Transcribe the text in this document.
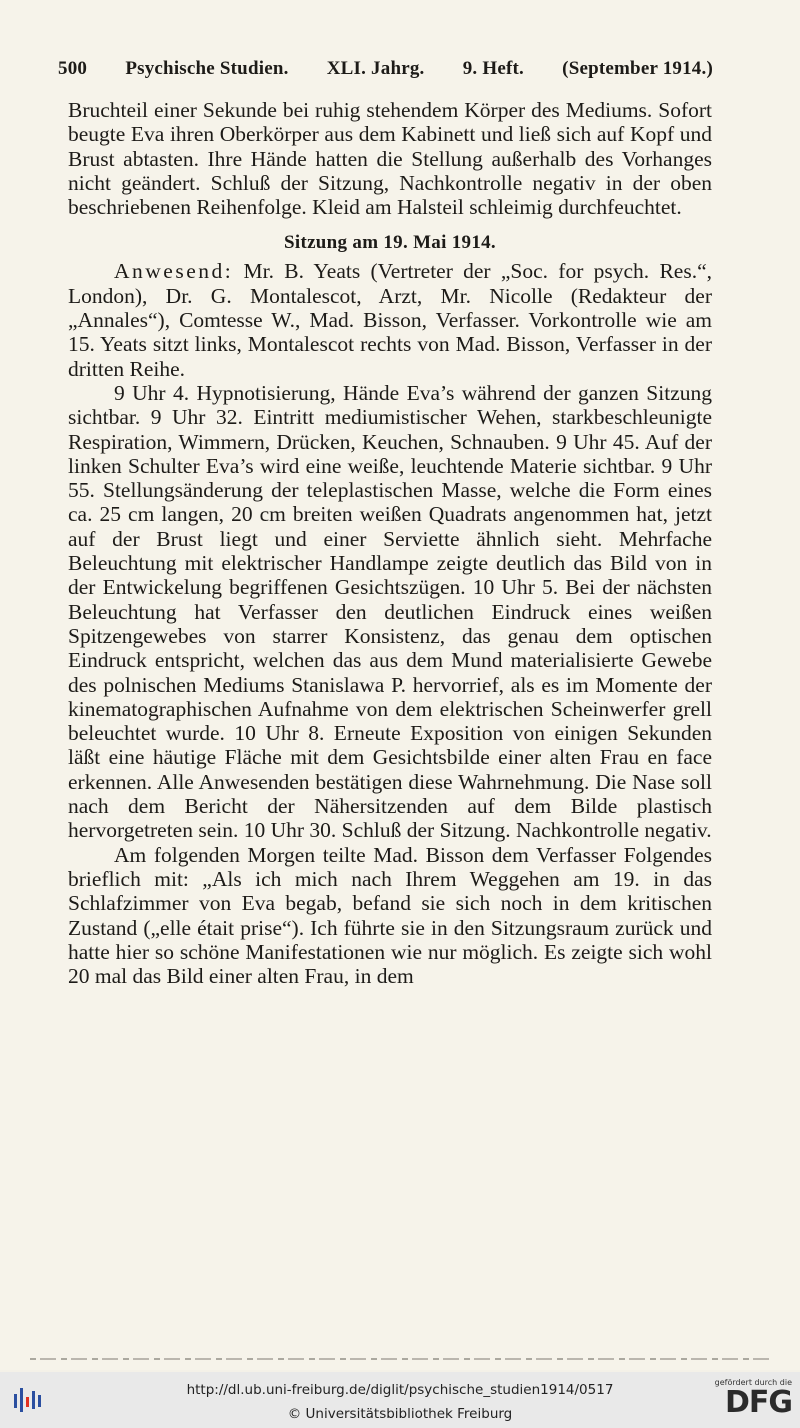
500 Psychische Studien. XLI. Jahrg. 9. Heft. (September 1914.)

Bruchteil einer Sekunde bei ruhig stehendem Körper des Mediums. Sofort beugte Eva ihren Oberkörper aus dem Kabinett und ließ sich auf Kopf und Brust abtasten. Ihre Hände hatten die Stellung außerhalb des Vorhanges nicht geändert. Schluß der Sitzung, Nachkontrolle negativ in der oben beschriebenen Reihenfolge. Kleid am Halsteil schleimig durchfeuchtet.

Sitzung am 19. Mai 1914.

Anwesend: Mr. B. Yeats (Vertreter der „Soc. for psych. Res.“, London), Dr. G. Montalescot, Arzt, Mr. Nicolle (Redakteur der „Annales“), Comtesse W., Mad. Bisson, Verfasser. Vorkontrolle wie am 15. Yeats sitzt links, Montalescot rechts von Mad. Bisson, Verfasser in der dritten Reihe.

9 Uhr 4. Hypnotisierung, Hände Eva’s während der ganzen Sitzung sichtbar. 9 Uhr 32. Eintritt mediumistischer Wehen, starkbeschleunigte Respiration, Wimmern, Drücken, Keuchen, Schnauben. 9 Uhr 45. Auf der linken Schulter Eva’s wird eine weiße, leuchtende Materie sichtbar. 9 Uhr 55. Stellungsänderung der teleplastischen Masse, welche die Form eines ca. 25 cm langen, 20 cm breiten weißen Quadrats angenommen hat, jetzt auf der Brust liegt und einer Serviette ähnlich sieht. Mehrfache Beleuchtung mit elektrischer Handlampe zeigte deutlich das Bild von in der Entwickelung begriffenen Gesichtszügen. 10 Uhr 5. Bei der nächsten Beleuchtung hat Verfasser den deutlichen Eindruck eines weißen Spitzengewebes von starrer Konsistenz, das genau dem optischen Eindruck entspricht, welchen das aus dem Mund materialisierte Gewebe des polnischen Mediums Stanislawa P. hervorrief, als es im Momente der kinematographischen Aufnahme von dem elektrischen Scheinwerfer grell beleuchtet wurde. 10 Uhr 8. Erneute Exposition von einigen Sekunden läßt eine häutige Fläche mit dem Gesichtsbilde einer alten Frau en face erkennen. Alle Anwesenden bestätigen diese Wahrnehmung. Die Nase soll nach dem Bericht der Nähersitzenden auf dem Bilde plastisch hervorgetreten sein. 10 Uhr 30. Schluß der Sitzung. Nachkontrolle negativ.

Am folgenden Morgen teilte Mad. Bisson dem Verfasser Folgendes brieflich mit: „Als ich mich nach Ihrem Weggehen am 19. in das Schlafzimmer von Eva begab, befand sie sich noch in dem kritischen Zustand („elle était prise“). Ich führte sie in den Sitzungsraum zurück und hatte hier so schöne Manifestationen wie nur möglich. Es zeigte sich wohl 20 mal das Bild einer alten Frau, in dem

http://dl.ub.uni-freiburg.de/diglit/psychische_studien1914/0517
© Universitätsbibliothek Freiburg
gefördert durch die
DFG
